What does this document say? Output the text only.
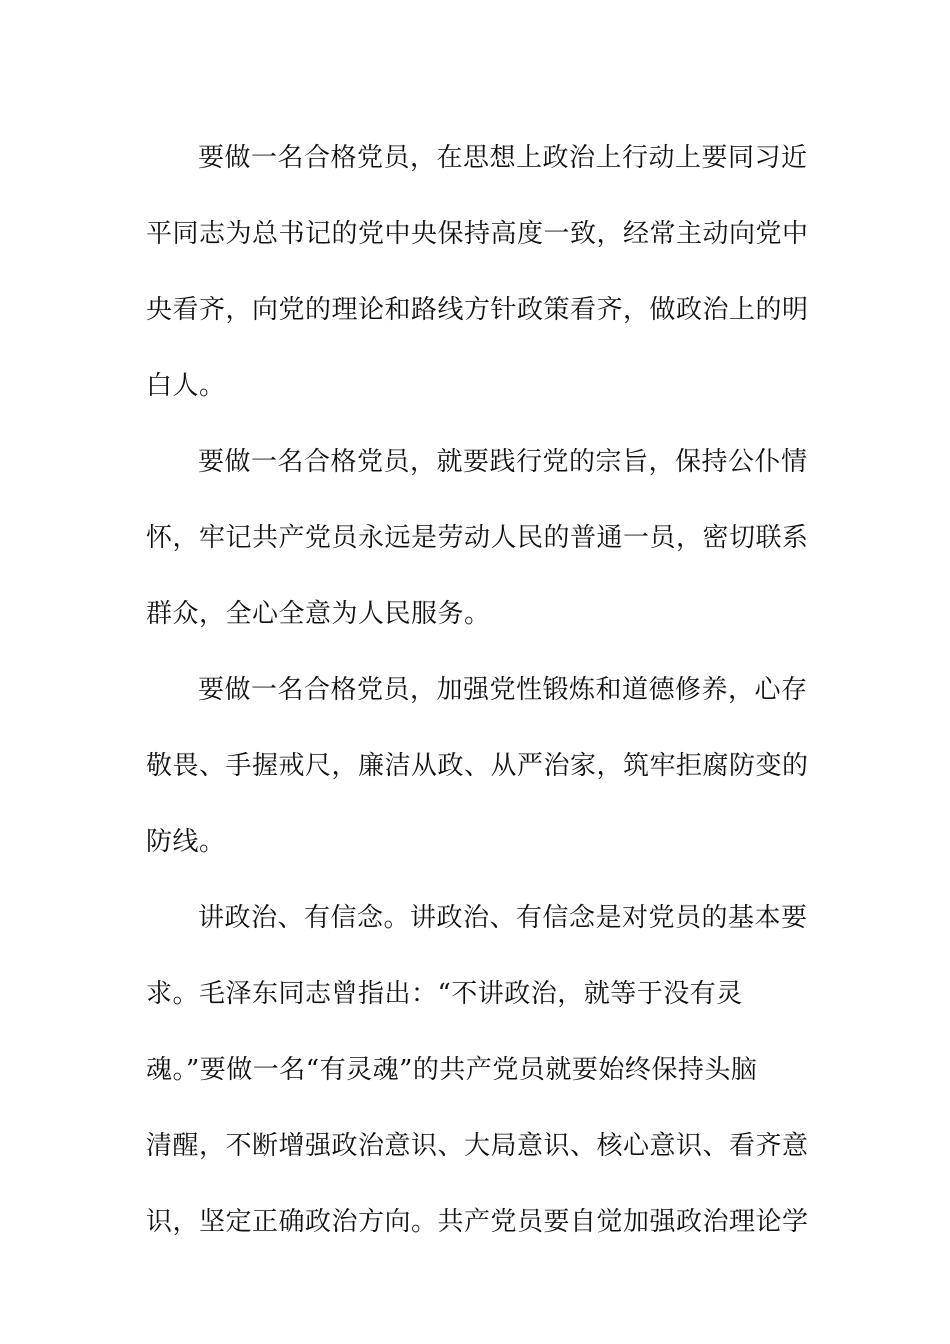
要做一名合格党员，在思想上政治上行动上要同习近
平同志为总书记的党中央保持高度一致，经常主动向党中
央看齐，向党的理论和路线方针政策看齐，做政治上的明
白人。
要做一名合格党员，就要践行党的宗旨，保持公仆情
怀，牢记共产党员永远是劳动人民的普通一员，密切联系
群众，全心全意为人民服务。
要做一名合格党员，加强党性锻炼和道德修养，心存
敬畏、手握戒尺，廉洁从政、从严治家，筑牢拒腐防变的
防线。
讲政治、有信念。讲政治、有信念是对党员的基本要
求。毛泽东同志曾指出：“不讲政治，就等于没有灵
魂。”要做一名“有灵魂”的共产党员就要始终保持头脑
清醒，不断增强政治意识、大局意识、核心意识、看齐意
识，坚定正确政治方向。共产党员要自觉加强政治理论学
